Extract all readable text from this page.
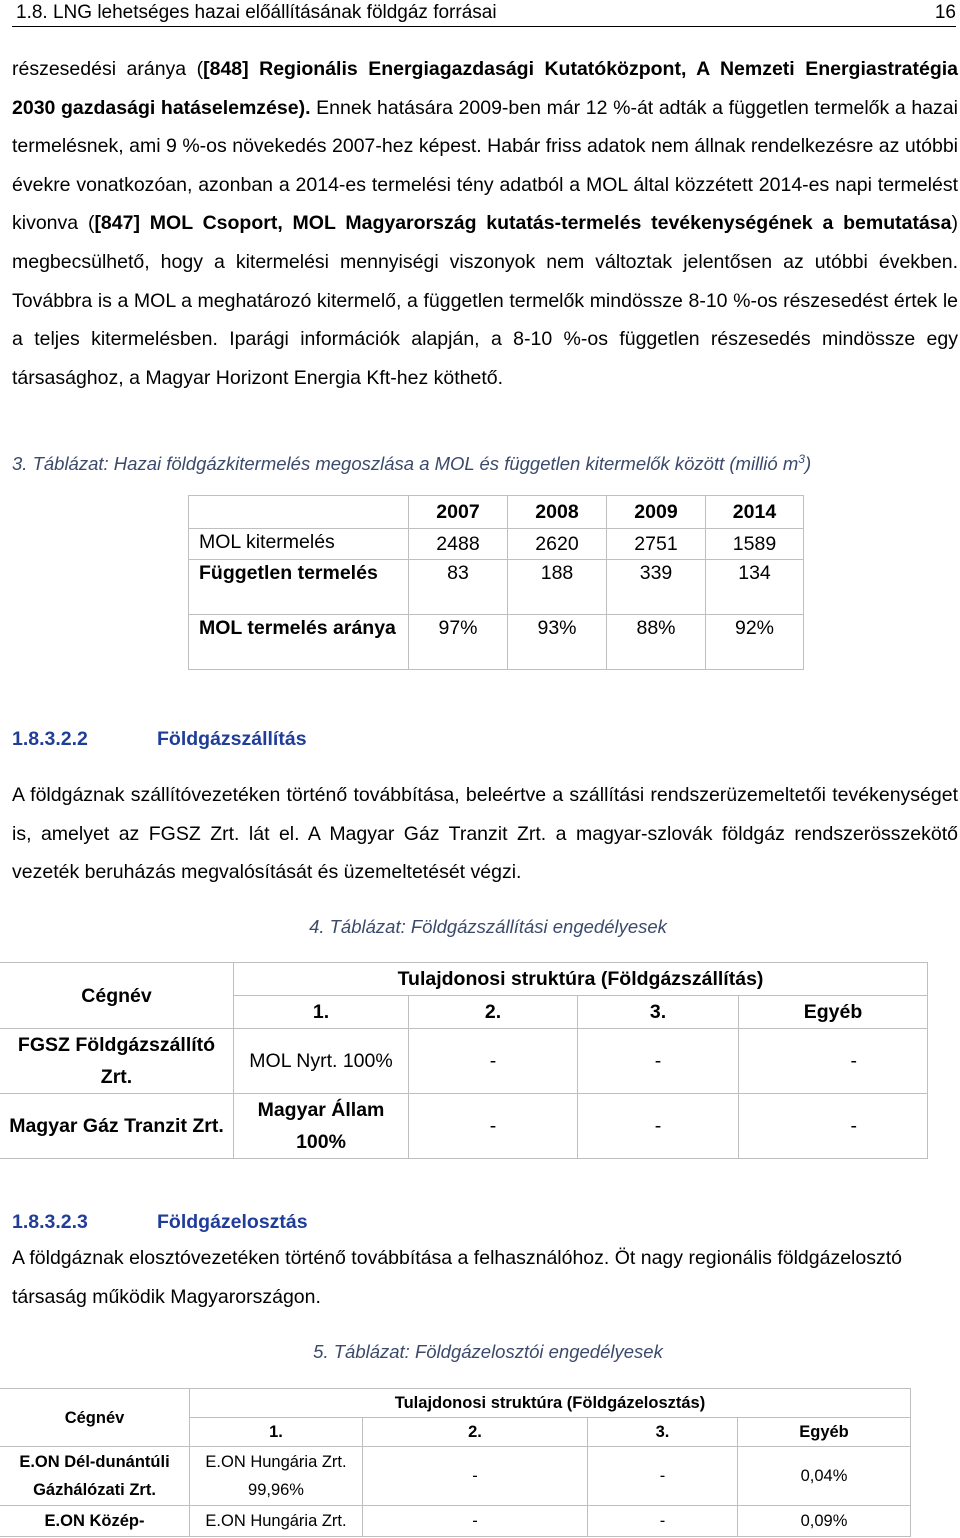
1.8. LNG lehetséges hazai előállításának földgáz forrásai	16

részesedési aránya ([848] Regionális Energiagazdasági Kutatóközpont, A Nemzeti Energiastratégia 2030 gazdasági hatáselemzése). Ennek hatására 2009-ben már 12 %-át adták a független termelők a hazai termelésnek, ami 9 %-os növekedés 2007-hez képest. Habár friss adatok nem állnak rendelkezésre az utóbbi évekre vonatkozóan, azonban a 2014-es termelési tény adatból a MOL által közzétett 2014-es napi termelést kivonva ([847] MOL Csoport, MOL Magyarország kutatás-termelés tevékenységének a bemutatása) megbecsülhető, hogy a kitermelési mennyiségi viszonyok nem változtak jelentősen az utóbbi években. Továbbra is a MOL a meghatározó kitermelő, a független termelők mindössze 8-10 %-os részesedést értek le a teljes kitermelésben. Iparági információk alapján, a 8-10 %-os független részesedés mindössze egy társasághoz, a Magyar Horizont Energia Kft-hez köthető.

3. Táblázat: Hazai földgázkitermelés megoszlása a MOL és független kitermelők között (millió $m^3$)
	2007	2008	2009	2014
MOL kitermelés	2488	2620	2751	1589
Független termelés	83	188	339	134
MOL termelés aránya	97%	93%	88%	92%
1.8.3.2.2	Földgázszállítás

A földgáznak szállítóvezetéken történő továbbítása, beleértve a szállítási rendszerüzemeltetői tevékenységet is, amelyet az FGSZ Zrt. lát el. A Magyar Gáz Tranzit Zrt. a magyar-szlovák földgáz rendszerösszekötő vezeték beruházás megvalósítását és üzemeltetését végzi.

4. Táblázat: Földgázszállítási engedélyesek
Cégnév	Tulajdonosi struktúra (Földgázszállítás)			
	1.	2.	3.	Egyéb
FGSZ Földgázszállító Zrt.	MOL Nyrt. 100%	-	-	-
Magyar Gáz Tranzit Zrt.	Magyar Állam 100%	-	-	-
1.8.3.2.3	Földgázelosztás

A földgáznak elosztóvezetéken történő továbbítása a felhasználóhoz. Öt nagy regionális földgázelosztó társaság működik Magyarországon.

5. Táblázat: Földgázelosztói engedélyesek
Cégnév	Tulajdonosi struktúra (Földgázelosztás)			
	1.	2.	3.	Egyéb
E.ON Dél-dunántúli Gázhálózati Zrt.	E.ON Hungária Zrt. 99,96%	-	-	0,04%
E.ON Közép-	E.ON Hungária Zrt.	-	-	0,09%
